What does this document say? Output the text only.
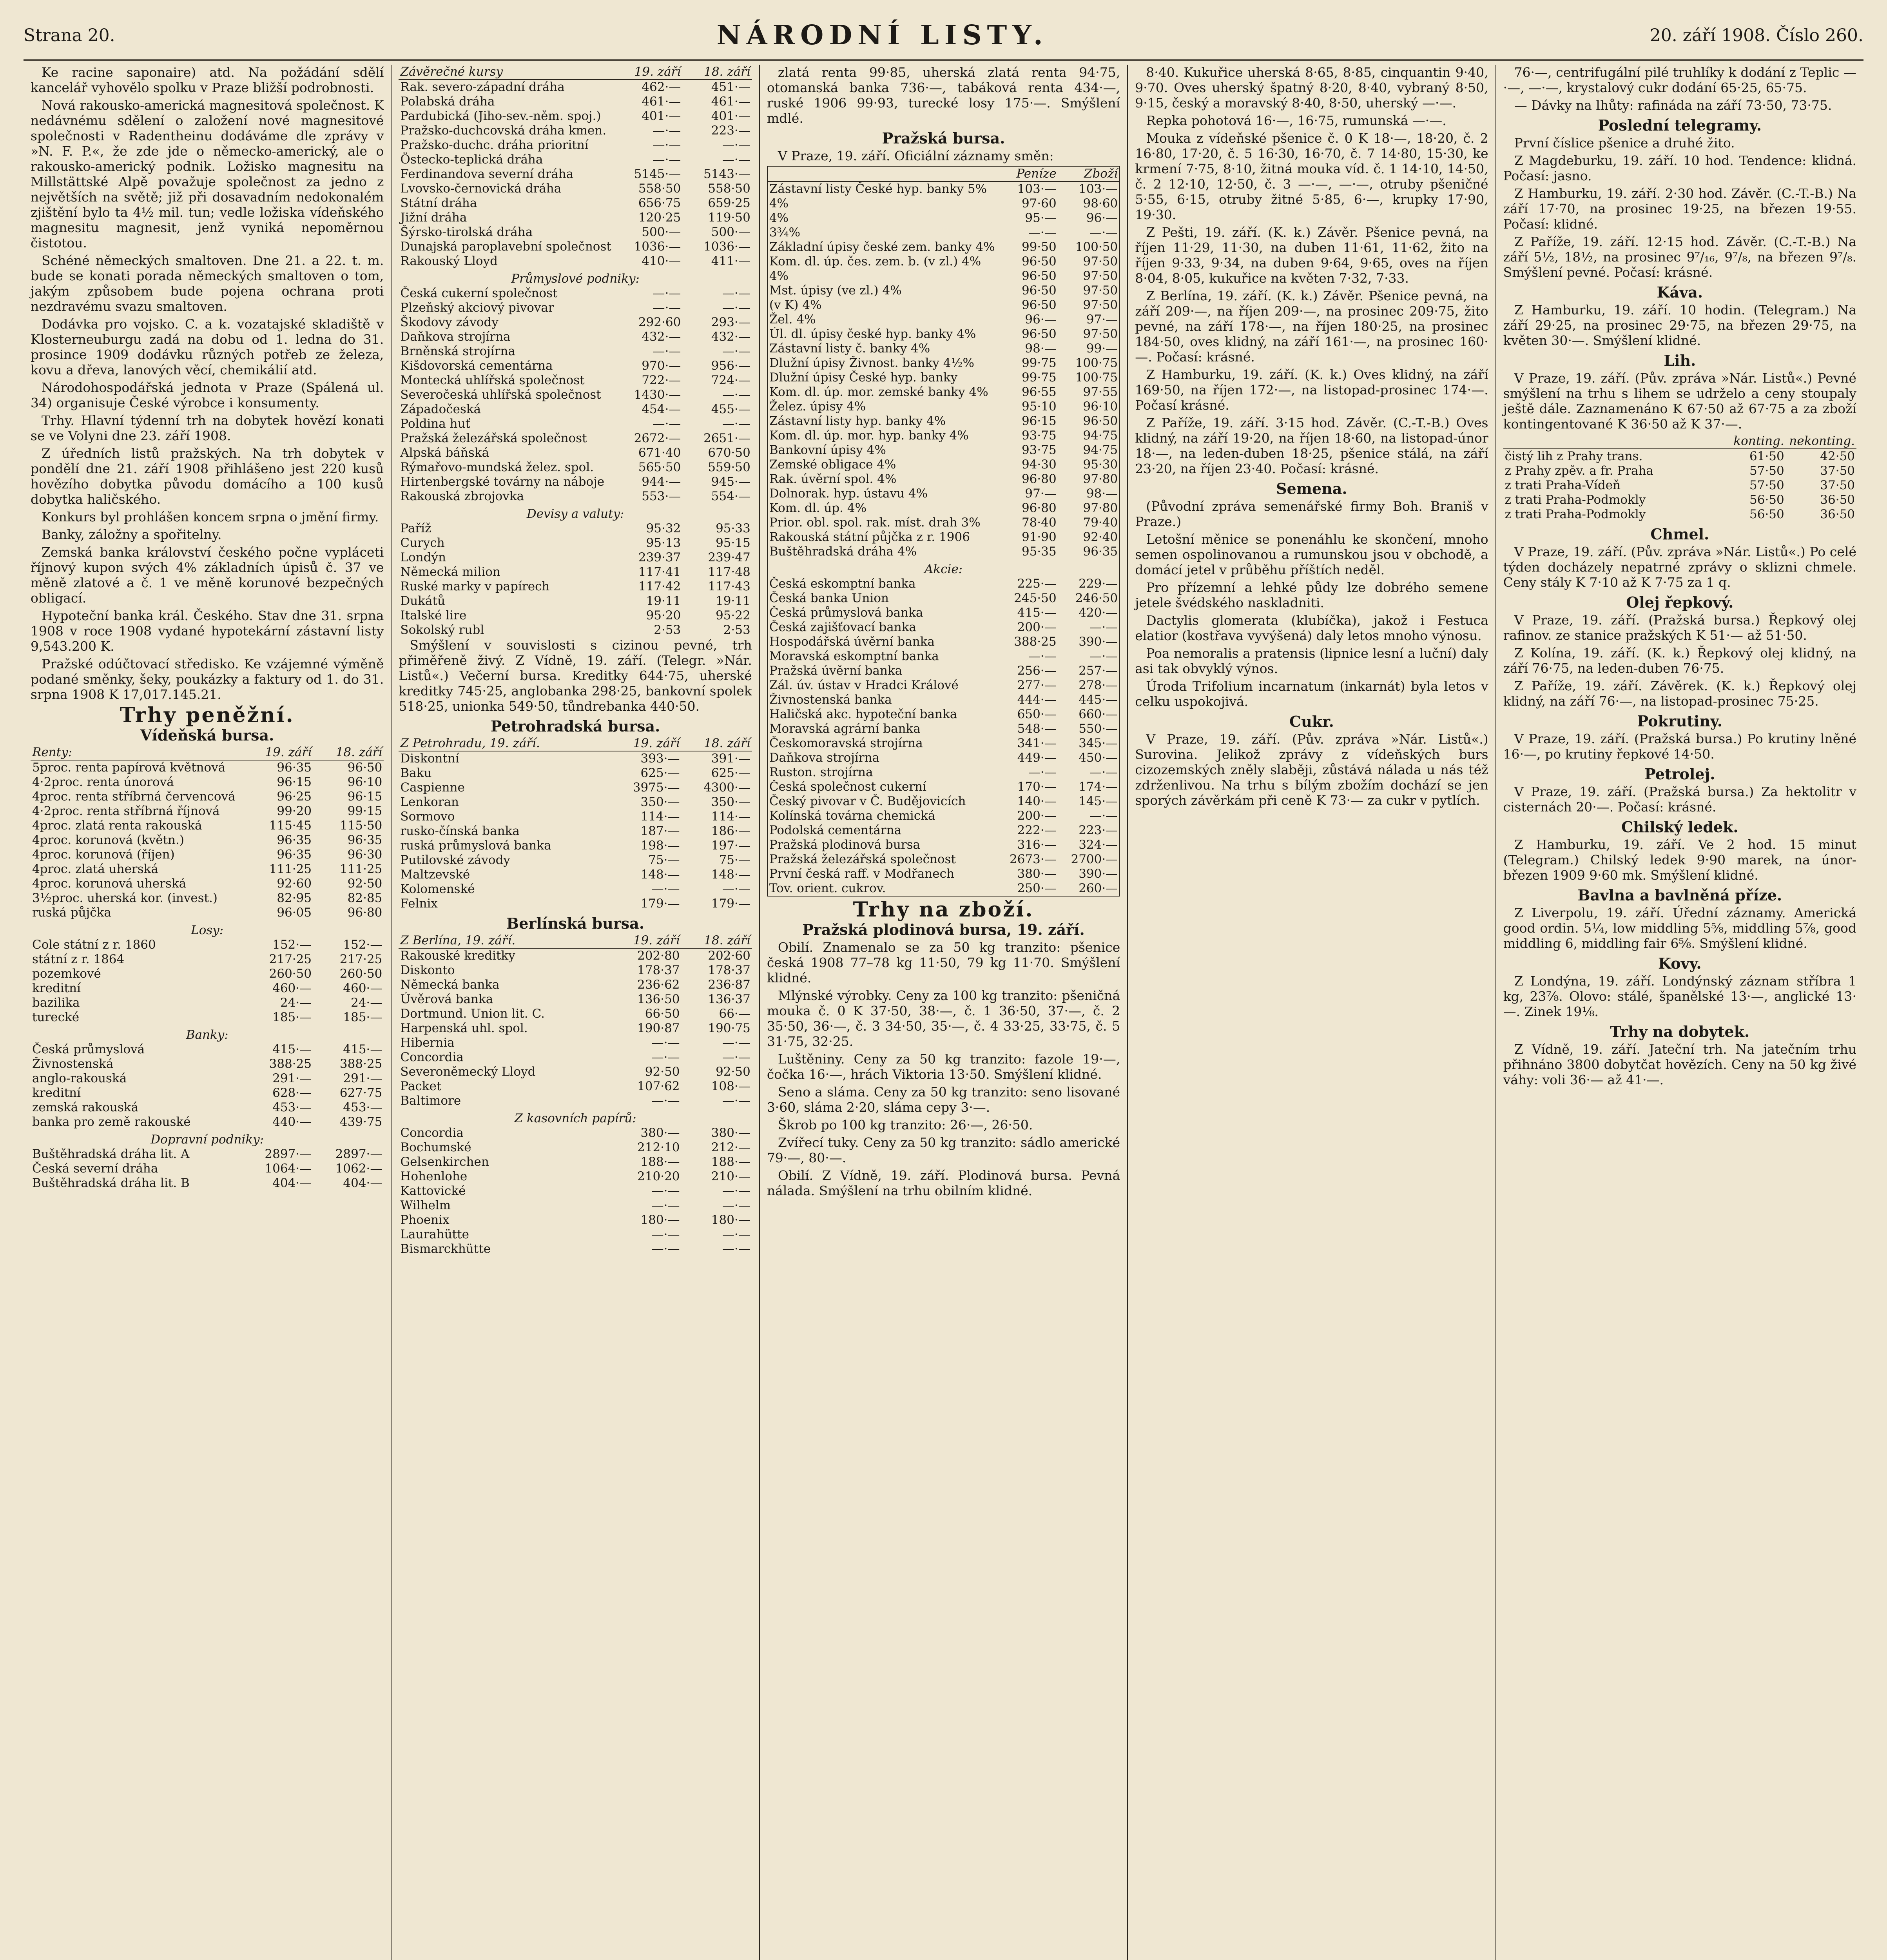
Strana 20.	NÁRODNÍ LISTY.	20. září 1908. Číslo 260.

Ke racine saponaire) atd. Na požádání sdělí kancelář vyhovělo spolku v Praze bližší podrobnosti.

Nová rakousko-americká magnesitová společnost. K nedávnému sdělení o založení nové magnesitové společnosti v Radentheinu dodáváme dle zprávy v »N. F. P.«, že zde jde o německo-americký, ale o rakousko-americký podnik. Ložisko magnesitu na Millstättské Alpě považuje společnost za jedno z největších na světě; již při dosavadním nedokonalém zjištění bylo ta 4½ mil. tun; vedle ložiska vídeňského magnesitu magnesit, jenž vyniká nepoměrnou čistotou.

Schéné německých smaltoven. Dne 21. a 22. t. m. bude se konati porada německých smaltoven o tom, jakým způsobem bude pojena ochrana proti nezdravému svazu smaltoven.

Dodávka pro vojsko. C. a k. vozatajské skladiště v Klosterneuburgu zadá na dobu od 1. ledna do 31. prosince 1909 dodávku různých potřeb ze železa, kovu a dřeva, lanových věcí, chemikálií atd.

Národohospodářská jednota v Praze (Spálená ul. 34) organisuje České výrobce i konsumenty.

Trhy. Hlavní týdenní trh na dobytek hovězí konati se ve Volyni dne 23. září 1908.

Z úředních listů pražských. Na trh dobytek v pondělí dne 21. září 1908 přihlášeno jest 220 kusů hovězího dobytka původu domácího a 100 kusů dobytka haličského.

Konkurs byl prohlášen koncem srpna o jmění firmy.

Banky, záložny a spořitelny.

Zemská banka království českého počne vypláceti říjnový kupon svých 4% základních úpisů č. 37 ve měně zlatové a č. 1 ve měně korunové bezpečných obligací.

Hypoteční banka král. Českého. Stav dne 31. srpna 1908 v roce 1908 vydané hypotekární zástavní listy 9,543.200 K.

Pražské odúčtovací středisko. Ke vzájemné výměně podané směnky, šeky, poukázky a faktury od 1. do 31. srpna 1908 K 17,017.145.21.

Trhy peněžní.
Vídeňská bursa.
Renty:	19. září	18. září
5proc. renta papírová květnová	96·35	96·50
4·2proc. renta únorová	96·15	96·10
4proc. renta stříbrná červencová	96·25	96·15
4·2proc. renta stříbrná říjnová	99·20	99·15
4proc. zlatá renta rakouská	115·45	115·50
4proc. korunová (květn.)	96·35	96·35
4proc. korunová (říjen)	96·35	96·30
4proc. zlatá uherská	111·25	111·25
4proc. korunová uherská	92·60	92·50
3½proc. uherská kor. (invest.)	82·95	82·85
ruská půjčka	96·05	96·80
Losy:		
Cole státní z r. 1860	152·—	152·—
státní z r. 1864	217·25	217·25
pozemkové	260·50	260·50
kreditní	460·—	460·—
bazilika	24·—	24·—
turecké	185·—	185·—
Banky:		
Česká průmyslová	415·—	415·—
Živnostenská	388·25	388·25
anglo-rakouská	291·—	291·—
kreditní	628·—	627·75
zemská rakouská	453·—	453·—
banka pro země rakouské	440·—	439·75
Dopravní podniky:		
Buštěhradská dráha lit. A	2897·—	2897·—
Česká severní dráha	1064·—	1062·—
Buštěhradská dráha lit. B	404·—	404·—
Závěrečné kursy	19. září	18. září
Rak. severo-západní dráha	462·—	451·—
Polabská dráha	461·—	461·—
Pardubická (Jiho-sev.-něm. spoj.)	401·—	401·—
Pražsko-duchcovská dráha kmen.	—·—	223·—
Pražsko-duchc. dráha prioritní	—·—	—·—
Östecko-teplická dráha	—·—	—·—
Ferdinandova severní dráha	5145·—	5143·—
Lvovsko-černovická dráha	558·50	558·50
Státní dráha	656·75	659·25
Jižní dráha	120·25	119·50
Šýrsko-tirolská dráha	500·—	500·—
Dunajská paroplavební společnost	1036·—	1036·—
Rakouský Lloyd	410·—	411·—
Průmyslové podniky:		
Česká cukerní společnost	—·—	—·—
Plzeňský akciový pivovar	—·—	—·—
Škodovy závody	292·60	293·—
Daňkova strojírna	432·—	432·—
Brněnská strojírna	—·—	—·—
Kišdovorská cementárna	970·—	956·—
Montecká uhlířská společnost	722·—	724·—
Severočeská uhlířská společnost	1430·—	—·—
Západočeská	454·—	455·—
Poldina huť	—·—	—·—
Pražská železářská společnost	2672·—	2651·—
Alpská báňská	671·40	670·50
Rýmařovo-mundská želez. spol.	565·50	559·50
Hirtenbergské továrny na náboje	944·—	945·—
Rakouská zbrojovka	553·—	554·—
Devisy a valuty:		
Paříž	95·32	95·33
Curych	95·13	95·15
Londýn	239·37	239·47
Německá milion	117·41	117·48
Ruské marky v papírech	117·42	117·43
Dukátů	19·11	19·11
Italské lire	95·20	95·22
Sokolský rubl	2·53	2·53

Smýšlení v souvislosti s cizinou pevné, trh přiměřeně živý. Z Vídně, 19. září. (Telegr. »Nár. Listů«.) Večerní bursa. Kreditky 644·75, uherské kreditky 745·25, anglobanka 298·25, bankovní spolek 518·25, unionka 549·50, tůndrebanka 440·50.

Petrohradská bursa.
Z Petrohradu, 19. září.	19. září	18. září
Diskontní	393·—	391·—
Baku	625·—	625·—
Caspienne	3975·—	4300·—
Lenkoran	350·—	350·—
Sormovo	114·—	114·—
rusko-čínská banka	187·—	186·—
ruská průmyslová banka	198·—	197·—
Putilovské závody	75·—	75·—
Maltzevské	148·—	148·—
Kolomenské	—·—	—·—
Felnix	179·—	179·—
Berlínská bursa.
Z Berlína, 19. září.	19. září	18. září
Rakouské kreditky	202·80	202·60
Diskonto	178·37	178·37
Německá banka	236·62	236·87
Úvěrová banka	136·50	136·37
Dortmund. Union lit. C.	66·50	66·—
Harpenská uhl. spol.	190·87	190·75
Hibernia	—·—	—·—
Concordia	—·—	—·—
Severoněmecký Lloyd	92·50	92·50
Packet	107·62	108·—
Baltimore	—·—	—·—
Z kasovních papírů:		
Concordia	380·—	380·—
Bochumské	212·10	212·—
Gelsenkirchen	188·—	188·—
Hohenlohe	210·20	210·—
Kattovické	—·—	—·—
Wilhelm	—·—	—·—
Phoenix	180·—	180·—
Laurahütte	—·—	—·—
Bismarckhütte	—·—	—·—

zlatá renta 99·85, uherská zlatá renta 94·75, otomanská banka 736·—, tabáková renta 434·—, ruské 1906 99·93, turecké losy 175·—. Smýšlení mdlé.

Pražská bursa.

V Praze, 19. září. Oficiální záznamy směn:

	Peníze	Zboží
Zástavní listy České hyp. banky 5%	103·—	103·—
4%	97·60	98·60
4%	95·—	96·—
3¾%	—·—	—·—
Základní úpisy české zem. banky 4%	99·50	100·50
Kom. dl. úp. čes. zem. b. (v zl.) 4%	96·50	97·50
4%	96·50	97·50
Mst. úpisy (ve zl.) 4%	96·50	97·50
(v K) 4%	96·50	97·50
Žel. 4%	96·—	97·—
Úl. dl. úpisy české hyp. banky 4%	96·50	97·50
Zástavní listy č. banky 4%	98·—	99·—
Dlužní úpisy Živnost. banky 4½%	99·75	100·75
Dlužní úpisy České hyp. banky	99·75	100·75
Kom. dl. úp. mor. zemské banky 4%	96·55	97·55
Želez. úpisy 4%	95·10	96·10
Zástavní listy hyp. banky 4%	96·15	96·50
Kom. dl. úp. mor. hyp. banky 4%	93·75	94·75
Bankovní úpisy 4%	93·75	94·75
Zemské obligace 4%	94·30	95·30
Rak. úvěrní spol. 4%	96·80	97·80
Dolnorak. hyp. ústavu 4%	97·—	98·—
Kom. dl. úp. 4%	96·80	97·80
Prior. obl. spol. rak. míst. drah 3%	78·40	79·40
Rakouská státní půjčka z r. 1906	91·90	92·40
Buštěhradská dráha 4%	95·35	96·35
Akcie:		
Česká eskomptní banka	225·—	229·—
Česká banka Union	245·50	246·50
Česká průmyslová banka	415·—	420·—
Česká zajišťovací banka	200·—	—·—
Hospodářská úvěrní banka	388·25	390·—
Moravská eskomptní banka	—·—	—·—
Pražská úvěrní banka	256·—	257·—
Zál. úv. ústav v Hradci Králové	277·—	278·—
Živnostenská banka	444·—	445·—
Haličská akc. hypoteční banka	650·—	660·—
Moravská agrární banka	548·—	550·—
Českomoravská strojírna	341·—	345·—
Daňkova strojírna	449·—	450·—
Ruston. strojírna	—·—	—·—
Česká společnost cukerní	170·—	174·—
Český pivovar v Č. Budějovicích	140·—	145·—
Kolínská továrna chemická	200·—	—·—
Podolská cementárna	222·—	223·—
Pražská plodinová bursa	316·—	324·—
Pražská železářská společnost	2673·—	2700·—
První česká raff. v Modřanech	380·—	390·—
Tov. orient. cukrov.	250·—	260·—
Trhy na zboží.
Pražská plodinová bursa, 19. září.

Obilí. Znamenalo se za 50 kg tranzito: pšenice česká 1908 77–78 kg 11·50, 79 kg 11·70. Smýšlení klidné.

Mlýnské výrobky. Ceny za 100 kg tranzito: pšeničná mouka č. 0 K 37·50, 38·—, č. 1 36·50, 37·—, č. 2 35·50, 36·—, č. 3 34·50, 35·—, č. 4 33·25, 33·75, č. 5 31·75, 32·25.

Luštěniny. Ceny za 50 kg tranzito: fazole 19·—, čočka 16·—, hrách Viktoria 13·50. Smýšlení klidné.

Seno a sláma. Ceny za 50 kg tranzito: seno lisované 3·60, sláma 2·20, sláma cepy 3·—.

Škrob po 100 kg tranzito: 26·—, 26·50.

Zvířecí tuky. Ceny za 50 kg tranzito: sádlo americké 79·—, 80·—.

Obilí. Z Vídně, 19. září. Plodinová bursa. Pevná nálada. Smýšlení na trhu obilním klidné.

8·40. Kukuřice uherská 8·65, 8·85, cinquantin 9·40, 9·70. Oves uherský špatný 8·20, 8·40, vybraný 8·50, 9·15, český a moravský 8·40, 8·50, uherský —·—.

Repka pohotová 16·—, 16·75, rumunská —·—.

Mouka z vídeňské pšenice č. 0 K 18·—, 18·20, č. 2 16·80, 17·20, č. 5 16·30, 16·70, č. 7 14·80, 15·30, ke krmení 7·75, 8·10, žitná mouka víd. č. 1 14·10, 14·50, č. 2 12·10, 12·50, č. 3 —·—, —·—, otruby pšeničné 5·55, 6·15, otruby žitné 5·85, 6·—, krupky 17·90, 19·30.

Z Pešti, 19. září. (K. k.) Závěr. Pšenice pevná, na říjen 11·29, 11·30, na duben 11·61, 11·62, žito na říjen 9·33, 9·34, na duben 9·64, 9·65, oves na říjen 8·04, 8·05, kukuřice na květen 7·32, 7·33.

Z Berlína, 19. září. (K. k.) Závěr. Pšenice pevná, na září 209·—, na říjen 209·—, na prosinec 209·75, žito pevné, na září 178·—, na říjen 180·25, na prosinec 184·50, oves klidný, na září 161·—, na prosinec 160·—. Počasí: krásné.

Z Hamburku, 19. září. (K. k.) Oves klidný, na září 169·50, na říjen 172·—, na listopad-prosinec 174·—. Počasí krásné.

Z Paříže, 19. září. 3·15 hod. Závěr. (C.-T.-B.) Oves klidný, na září 19·20, na říjen 18·60, na listopad-únor 18·—, na leden-duben 18·25, pšenice stálá, na září 23·20, na říjen 23·40. Počasí: krásné.

Semena.

(Původní zpráva semenářské firmy Boh. Braniš v Praze.)

Letošní měnice se ponenáhlu ke skončení, mnoho semen ospolinovanou a rumunskou jsou v obchodě, a domácí jetel v průběhu příštích neděl.

Pro přízemní a lehké půdy lze dobrého semene jetele švédského naskladniti.

Dactylis glomerata (klubíčka), jakož i Festuca elatior (kostřava vyvýšená) daly letos mnoho výnosu.

Poa nemoralis a pratensis (lipnice lesní a luční) daly asi tak obvyklý výnos.

Úroda Trifolium incarnatum (inkarnát) byla letos v celku uspokojivá.

Cukr.

V Praze, 19. září. (Pův. zpráva »Nár. Listů«.) Surovina. Jelikož zprávy z vídeňských burs cizozemských zněly slaběji, zůstává nálada u nás též zdrženlivou. Na trhu s bílým zbožím dochází se jen sporých závěrkám při ceně K 73·— za cukr v pytlích.

76·—, centrifugální pilé truhlíky k dodání z Teplic —·—, —·—, krystalový cukr dodání 65·25, 65·75.

— Dávky na lhůty: rafináda na září 73·50, 73·75.

Poslední telegramy.

První číslice pšenice a druhé žito.

Z Magdeburku, 19. září. 10 hod. Tendence: klidná. Počasí: jasno.

Z Hamburku, 19. září. 2·30 hod. Závěr. (C.-T.-B.) Na září 17·70, na prosinec 19·25, na březen 19·55. Počasí: klidné.

Z Paříže, 19. září. 12·15 hod. Závěr. (C.-T.-B.) Na září 5½, 18½, na prosinec 9⁷/₁₆, 9⁷/₈, na březen 9⁷/₈. Smýšlení pevné. Počasí: krásné.

Káva.

Z Hamburku, 19. září. 10 hodin. (Telegram.) Na září 29·25, na prosinec 29·75, na březen 29·75, na květen 30·—. Smýšlení klidné.

Lih.

V Praze, 19. září. (Pův. zpráva »Nár. Listů«.) Pevné smýšlení na trhu s lihem se udrželo a ceny stoupaly ještě dále. Zaznamenáno K 67·50 až 67·75 a za zboží kontingentované K 36·50 až K 37·—.

	konting.	nekonting.
čistý lih z Prahy trans.	61·50	42·50
z Prahy zpěv. a fr. Praha	57·50	37·50
z trati Praha-Vídeň	57·50	37·50
z trati Praha-Podmokly	56·50	36·50
z trati Praha-Podmokly	56·50	36·50
Chmel.

V Praze, 19. září. (Pův. zpráva »Nár. Listů«.) Po celé týden docházely nepatrné zprávy o sklizni chmele. Ceny stály K 7·10 až K 7·75 za 1 q.

Olej řepkový.

V Praze, 19. září. (Pražská bursa.) Řepkový olej rafinov. ze stanice pražských K 51·— až 51·50.

Z Kolína, 19. září. (K. k.) Řepkový olej klidný, na září 76·75, na leden-duben 76·75.

Z Paříže, 19. září. Závěrek. (K. k.) Řepkový olej klidný, na září 76·—, na listopad-prosinec 75·25.

Pokrutiny.

V Praze, 19. září. (Pražská bursa.) Po krutiny lněné 16·—, po krutiny řepkové 14·50.

Petrolej.

V Praze, 19. září. (Pražská bursa.) Za hektolitr v cisternách 20·—. Počasí: krásné.

Chilský ledek.

Z Hamburku, 19. září. Ve 2 hod. 15 minut (Telegram.) Chilský ledek 9·90 marek, na únor-březen 1909 9·60 mk. Smýšlení klidné.

Bavlna a bavlněná příze.

Z Liverpolu, 19. září. Úřední záznamy. Americká good ordin. 5¼, low middling 5⅝, middling 5⅞, good middling 6, middling fair 6⅝. Smýšlení klidné.

Kovy.

Z Londýna, 19. září. Londýnský záznam stříbra 1 kg, 23⅞. Olovo: stálé, španělské 13·—, anglické 13·—. Zinek 19⅛.

Trhy na dobytek.

Z Vídně, 19. září. Jateční trh. Na jatečním trhu přihnáno 3800 dobytčat hovězích. Ceny na 50 kg živé váhy: voli 36·— až 41·—.
